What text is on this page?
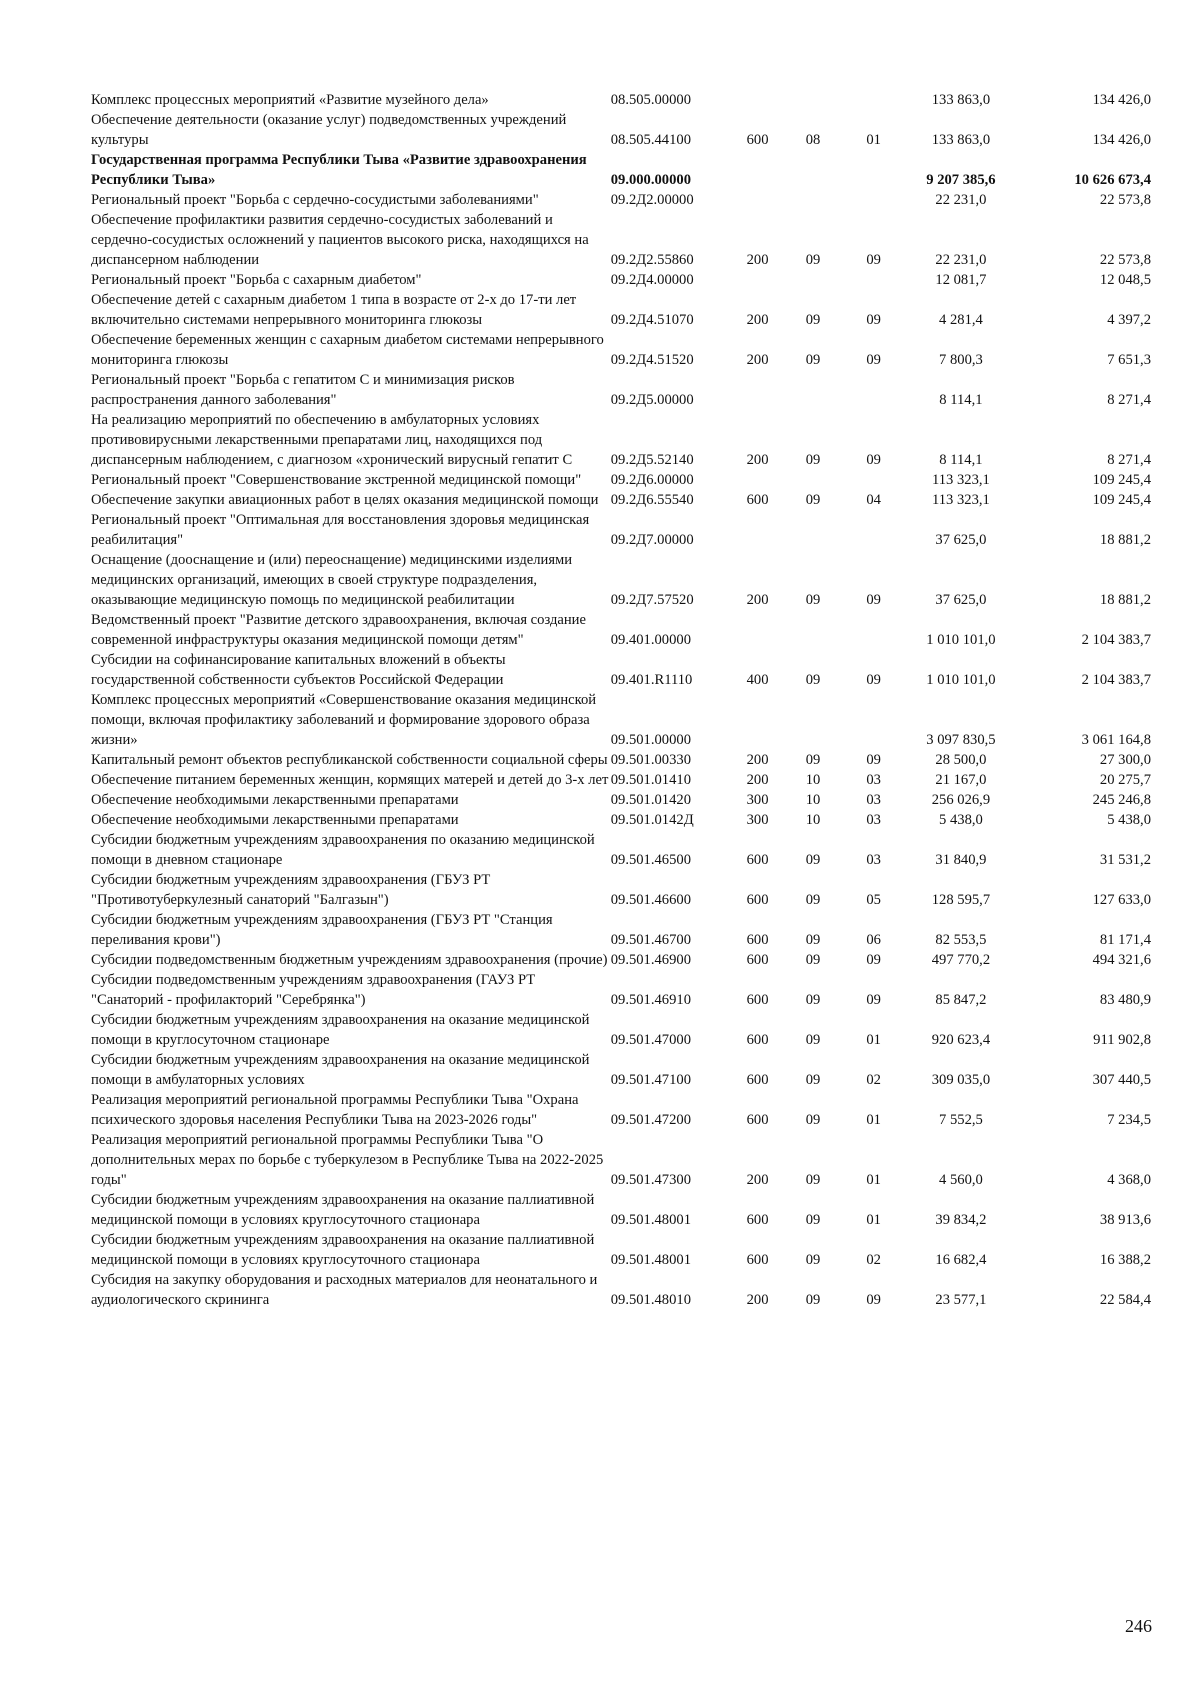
Комплекс процессных мероприятий «Развитие музейного дела»	08.505.00000				133 863,0	134 426,0
Обеспечение деятельности (оказание услуг) подведомственных учреждений культуры	08.505.44100	600	08	01	133 863,0	134 426,0
Государственная программа Республики Тыва «Развитие здравоохранения Республики Тыва»	09.000.00000				9 207 385,6	10 626 673,4
Региональный проект "Борьба с сердечно-сосудистыми заболеваниями"	09.2Д2.00000				22 231,0	22 573,8
Обеспечение профилактики развития сердечно-сосудистых заболеваний и сердечно-сосудистых осложнений у пациентов высокого риска, находящихся на диспансерном наблюдении	09.2Д2.55860	200	09	09	22 231,0	22 573,8
Региональный проект "Борьба с сахарным диабетом"	09.2Д4.00000				12 081,7	12 048,5
Обеспечение детей с сахарным диабетом 1 типа в возрасте от 2-х до 17-ти лет включительно системами непрерывного мониторинга глюкозы	09.2Д4.51070	200	09	09	4 281,4	4 397,2
Обеспечение беременных женщин с сахарным диабетом системами непрерывного мониторинга глюкозы	09.2Д4.51520	200	09	09	7 800,3	7 651,3
Региональный проект "Борьба с гепатитом С и минимизация рисков распространения данного заболевания"	09.2Д5.00000				8 114,1	8 271,4
На реализацию мероприятий по обеспечению в амбулаторных условиях противовирусными лекарственными препаратами лиц, находящихся под диспансерным наблюдением, с диагнозом «хронический вирусный гепатит С	09.2Д5.52140	200	09	09	8 114,1	8 271,4
Региональный проект "Совершенствование экстренной медицинской помощи"	09.2Д6.00000				113 323,1	109 245,4
Обеспечение закупки авиационных работ в целях оказания медицинской помощи	09.2Д6.55540	600	09	04	113 323,1	109 245,4
Региональный проект "Оптимальная для восстановления здоровья медицинская реабилитация"	09.2Д7.00000				37 625,0	18 881,2
Оснащение (дооснащение и (или) переоснащение) медицинскими изделиями медицинских организаций, имеющих в своей структуре подразделения, оказывающие медицинскую помощь по медицинской реабилитации	09.2Д7.57520	200	09	09	37 625,0	18 881,2
Ведомственный проект "Развитие детского здравоохранения, включая создание современной инфраструктуры оказания медицинской помощи детям"	09.401.00000				1 010 101,0	2 104 383,7
Субсидии на софинансирование капитальных вложений в объекты государственной собственности субъектов Российской Федерации	09.401.R1110	400	09	09	1 010 101,0	2 104 383,7
Комплекс процессных мероприятий «Совершенствование оказания медицинской помощи, включая профилактику заболеваний и формирование здорового образа жизни»	09.501.00000				3 097 830,5	3 061 164,8
Капитальный ремонт объектов республиканской собственности социальной сферы	09.501.00330	200	09	09	28 500,0	27 300,0
Обеспечение питанием беременных женщин, кормящих матерей и детей до 3-х лет	09.501.01410	200	10	03	21 167,0	20 275,7
Обеспечение необходимыми лекарственными препаратами	09.501.01420	300	10	03	256 026,9	245 246,8
Обеспечение необходимыми лекарственными препаратами	09.501.0142Д	300	10	03	5 438,0	5 438,0
Субсидии бюджетным учреждениям здравоохранения по оказанию медицинской помощи в дневном стационаре	09.501.46500	600	09	03	31 840,9	31 531,2
Субсидии бюджетным учреждениям здравоохранения (ГБУЗ РТ "Противотуберкулезный санаторий "Балгазын")	09.501.46600	600	09	05	128 595,7	127 633,0
Субсидии бюджетным учреждениям здравоохранения (ГБУЗ РТ "Станция переливания крови")	09.501.46700	600	09	06	82 553,5	81 171,4
Субсидии подведомственным бюджетным учреждениям здравоохранения (прочие)	09.501.46900	600	09	09	497 770,2	494 321,6
Субсидии подведомственным учреждениям здравоохранения (ГАУЗ РТ "Санаторий - профилакторий "Серебрянка")	09.501.46910	600	09	09	85 847,2	83 480,9
Субсидии бюджетным учреждениям здравоохранения на оказание медицинской помощи в круглосуточном стационаре	09.501.47000	600	09	01	920 623,4	911 902,8
Субсидии бюджетным учреждениям здравоохранения на оказание медицинской помощи в амбулаторных условиях	09.501.47100	600	09	02	309 035,0	307 440,5
Реализация мероприятий региональной программы Республики Тыва "Охрана психического здоровья населения Республики Тыва на 2023-2026 годы"	09.501.47200	600	09	01	7 552,5	7 234,5
Реализация мероприятий региональной программы Республики Тыва "О дополнительных мерах по борьбе с туберкулезом в Республике Тыва на 2022-2025 годы"	09.501.47300	200	09	01	4 560,0	4 368,0
Субсидии бюджетным учреждениям здравоохранения на оказание паллиативной медицинской помощи в условиях круглосуточного стационара	09.501.48001	600	09	01	39 834,2	38 913,6
Субсидии бюджетным учреждениям здравоохранения на оказание паллиативной медицинской помощи в условиях круглосуточного стационара	09.501.48001	600	09	02	16 682,4	16 388,2
Субсидия на закупку оборудования и расходных материалов для неонатального и аудиологического скрининга	09.501.48010	200	09	09	23 577,1	22 584,4
246
